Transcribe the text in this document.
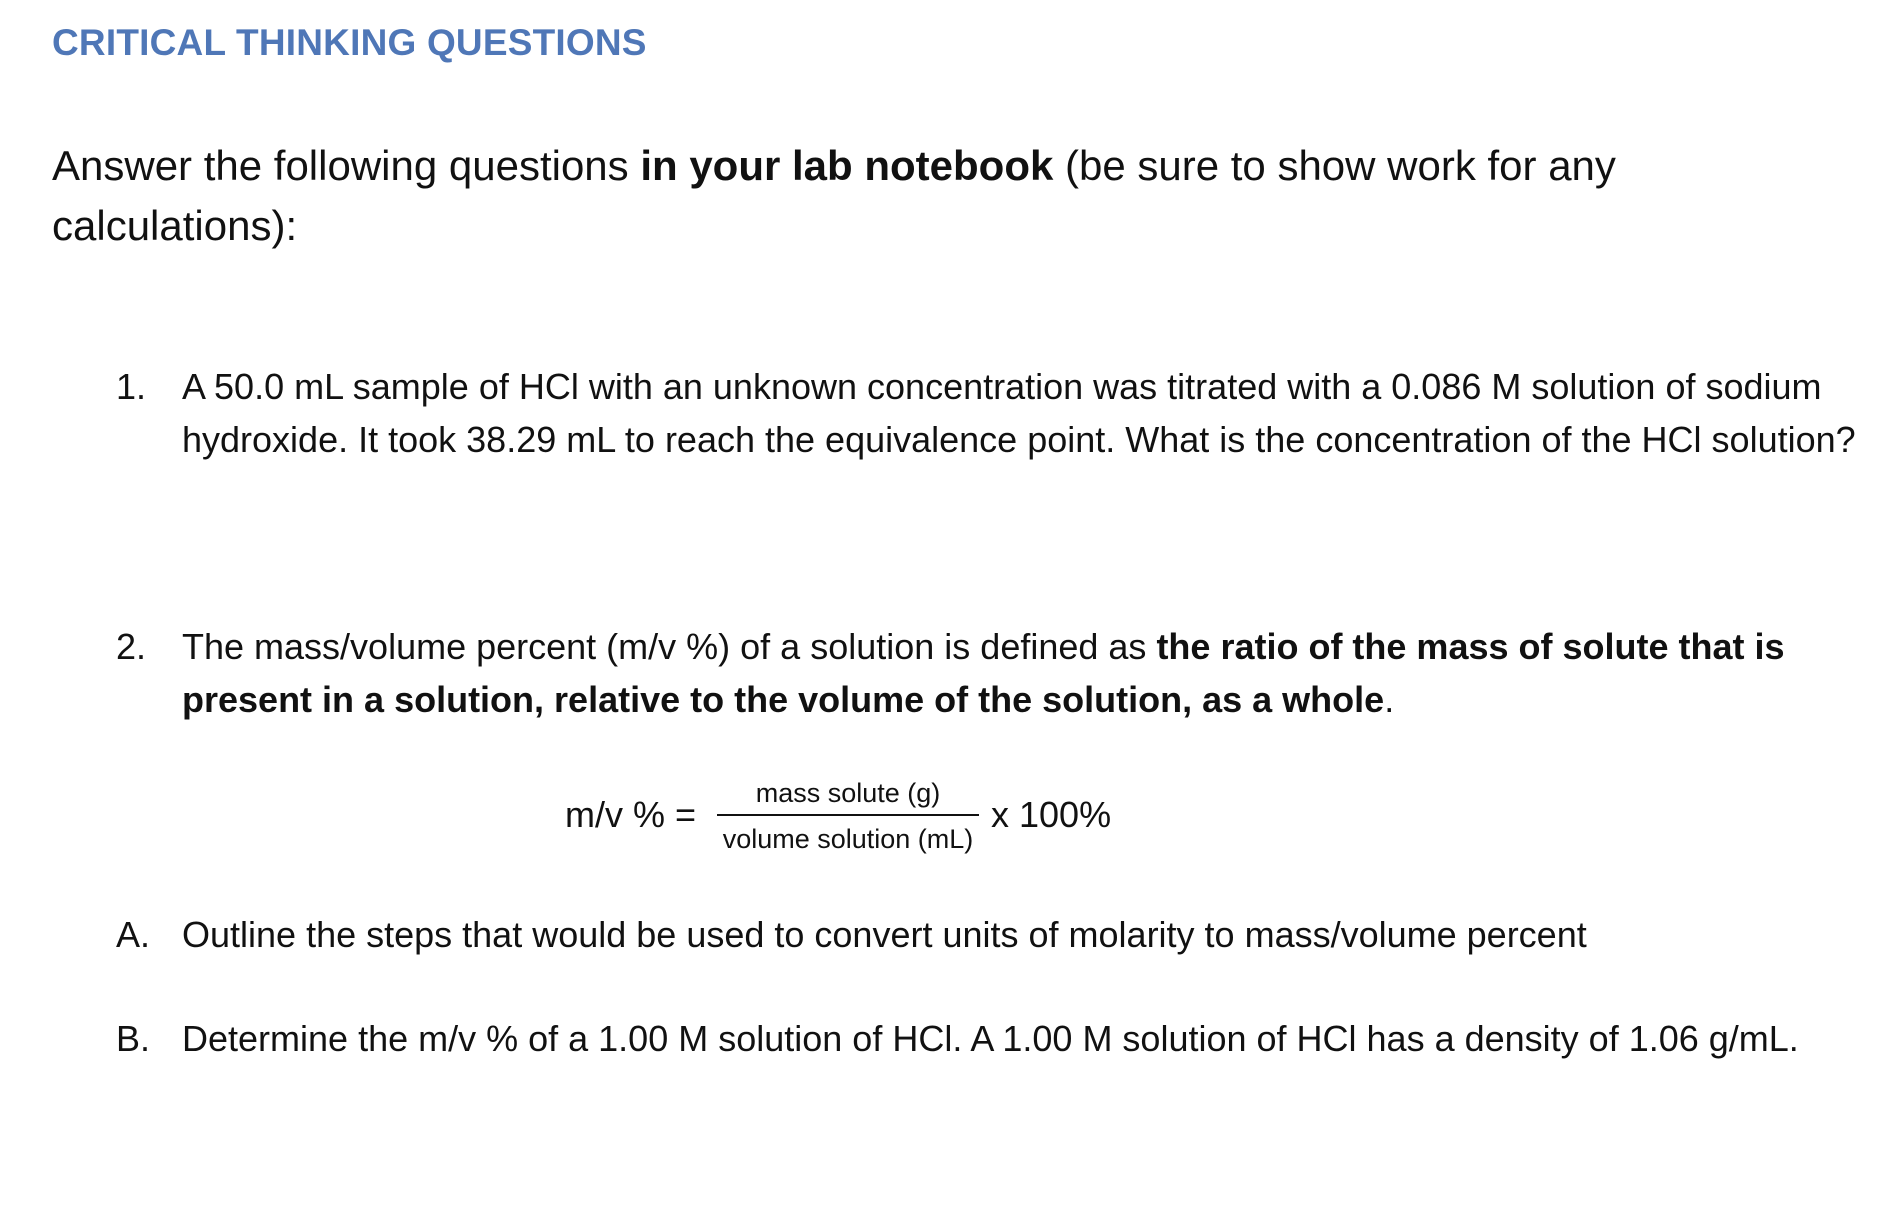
CRITICAL THINKING QUESTIONS
Answer the following questions in your lab notebook (be sure to show work for any calculations):
1. A 50.0 mL sample of HCl with an unknown concentration was titrated with a 0.086 M solution of sodium hydroxide. It took 38.29 mL to reach the equivalence point. What is the concentration of the HCl solution?
2. The mass/volume percent (m/v %) of a solution is defined as the ratio of the mass of solute that is present in a solution, relative to the volume of the solution, as a whole.
m/v % =
mass solute (g)
volume solution (mL)
x 100%
A. Outline the steps that would be used to convert units of molarity to mass/volume percent
B. Determine the m/v % of a 1.00 M solution of HCl. A 1.00 M solution of HCl has a density of 1.06 g/mL.
